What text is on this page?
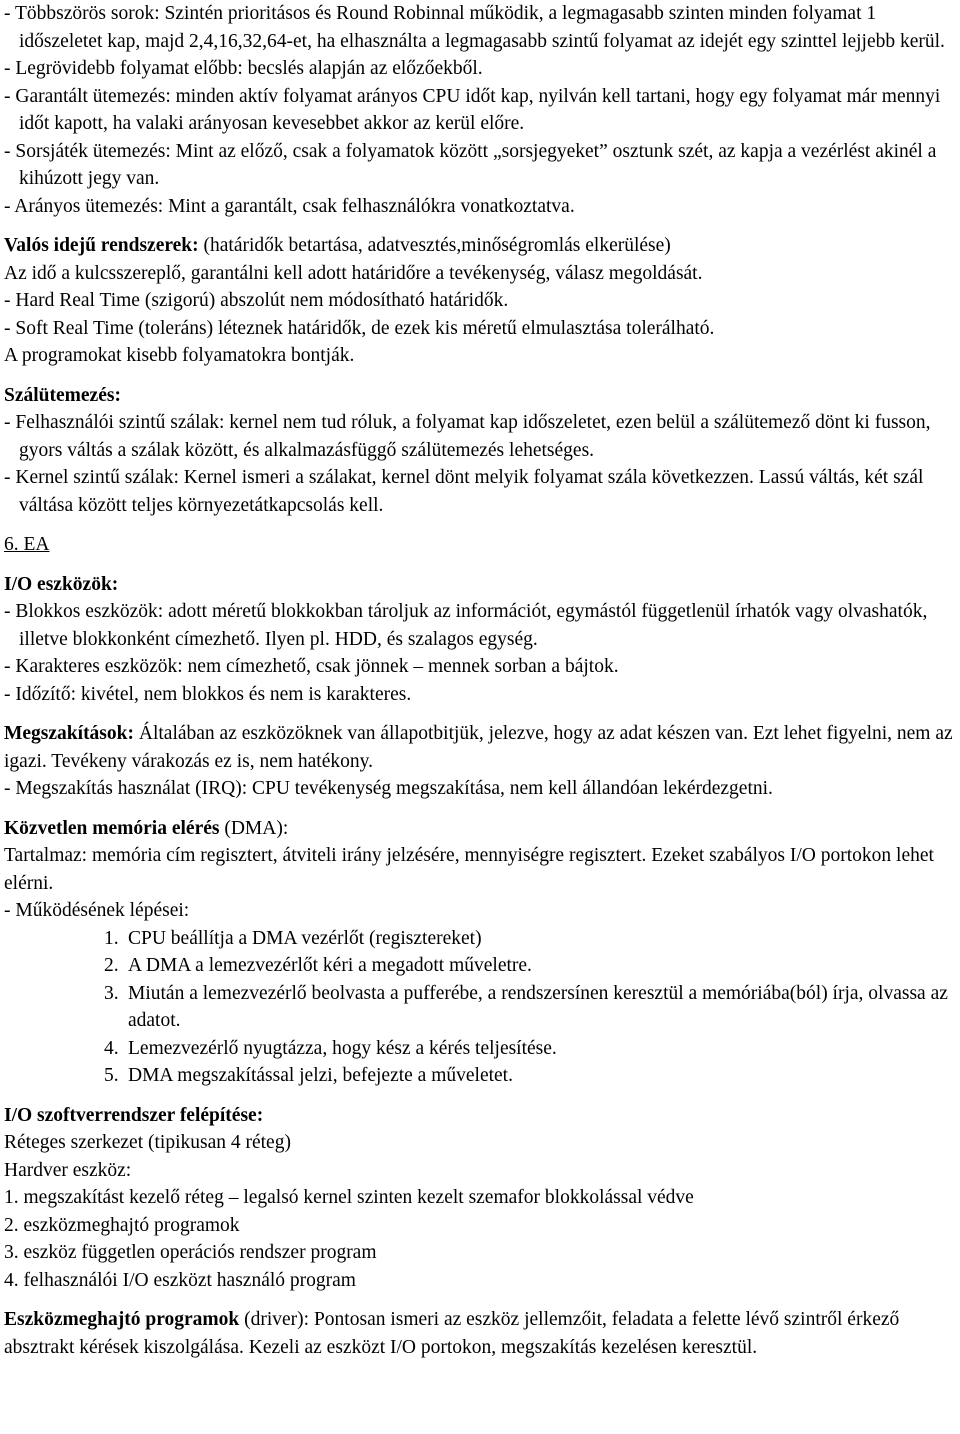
- Többszörös sorok: Szintén prioritásos és Round Robinnal működik, a legmagasabb szinten minden folyamat 1 időszeletet kap, majd 2,4,16,32,64-et, ha elhasználta a legmagasabb szintű folyamat az idejét egy szinttel lejjebb kerül.

- Legrövidebb folyamat előbb: becslés alapján az előzőekből.

- Garantált ütemezés: minden aktív folyamat arányos CPU időt kap, nyilván kell tartani, hogy egy folyamat már mennyi időt kapott, ha valaki arányosan kevesebbet akkor az kerül előre.

- Sorsjáték ütemezés: Mint az előző, csak a folyamatok között „sorsjegyeket” osztunk szét, az kapja a vezérlést akinél a kihúzott jegy van.

- Arányos ütemezés: Mint a garantált, csak felhasználókra vonatkoztatva.

Valós idejű rendszerek: (határidők betartása, adatvesztés,minőségromlás elkerülése)

Az idő a kulcsszereplő, garantálni kell adott határidőre a tevékenység, válasz megoldását.

- Hard Real Time (szigorú) abszolút nem módosítható határidők.

- Soft Real Time (toleráns) léteznek határidők, de ezek kis méretű elmulasztása tolerálható.

A programokat kisebb folyamatokra bontják.

Szálütemezés:

- Felhasználói szintű szálak: kernel nem tud róluk, a folyamat kap időszeletet, ezen belül a szálütemező dönt ki fusson, gyors váltás a szálak között, és alkalmazásfüggő szálütemezés lehetséges.

- Kernel szintű szálak: Kernel ismeri a szálakat, kernel dönt melyik folyamat szála következzen. Lassú váltás, két szál váltása között teljes környezetátkapcsolás kell.

6. EA

I/O eszközök:

- Blokkos eszközök: adott méretű blokkokban tároljuk az információt, egymástól függetlenül írhatók vagy olvashatók, illetve blokkonként címezhető. Ilyen pl. HDD, és szalagos egység.

- Karakteres eszközök: nem címezhető, csak jönnek – mennek sorban a bájtok.

- Időzítő: kivétel, nem blokkos és nem is karakteres.

Megszakítások: Általában az eszközöknek van állapotbitjük, jelezve, hogy az adat készen van. Ezt lehet figyelni, nem az igazi. Tevékeny várakozás ez is, nem hatékony.

- Megszakítás használat (IRQ): CPU tevékenység megszakítása, nem kell állandóan lekérdezgetni.

Közvetlen memória elérés (DMA):

Tartalmaz: memória cím regisztert, átviteli irány jelzésére, mennyiségre regisztert. Ezeket szabályos I/O portokon lehet elérni.

- Működésének lépései:

1. CPU beállítja a DMA vezérlőt (regisztereket)
2. A DMA a lemezvezérlőt kéri a megadott műveletre.
3. Miután a lemezvezérlő beolvasta a pufferébe, a rendszersínen keresztül a memóriába(ból) írja, olvassa az adatot.
4. Lemezvezérlő nyugtázza, hogy kész a kérés teljesítése.
5. DMA megszakítással jelzi, befejezte a műveletet.

I/O szoftverrendszer felépítése:

Réteges szerkezet (tipikusan 4 réteg)

Hardver eszköz:

1. megszakítást kezelő réteg – legalsó kernel szinten kezelt szemafor blokkolással védve

2. eszközmeghajtó programok

3. eszköz független operációs rendszer program

4. felhasználói I/O eszközt használó program

Eszközmeghajtó programok (driver): Pontosan ismeri az eszköz jellemzőit, feladata a felette lévő szintről érkező absztrakt kérések kiszolgálása. Kezeli az eszközt I/O portokon, megszakítás kezelésen keresztül.
